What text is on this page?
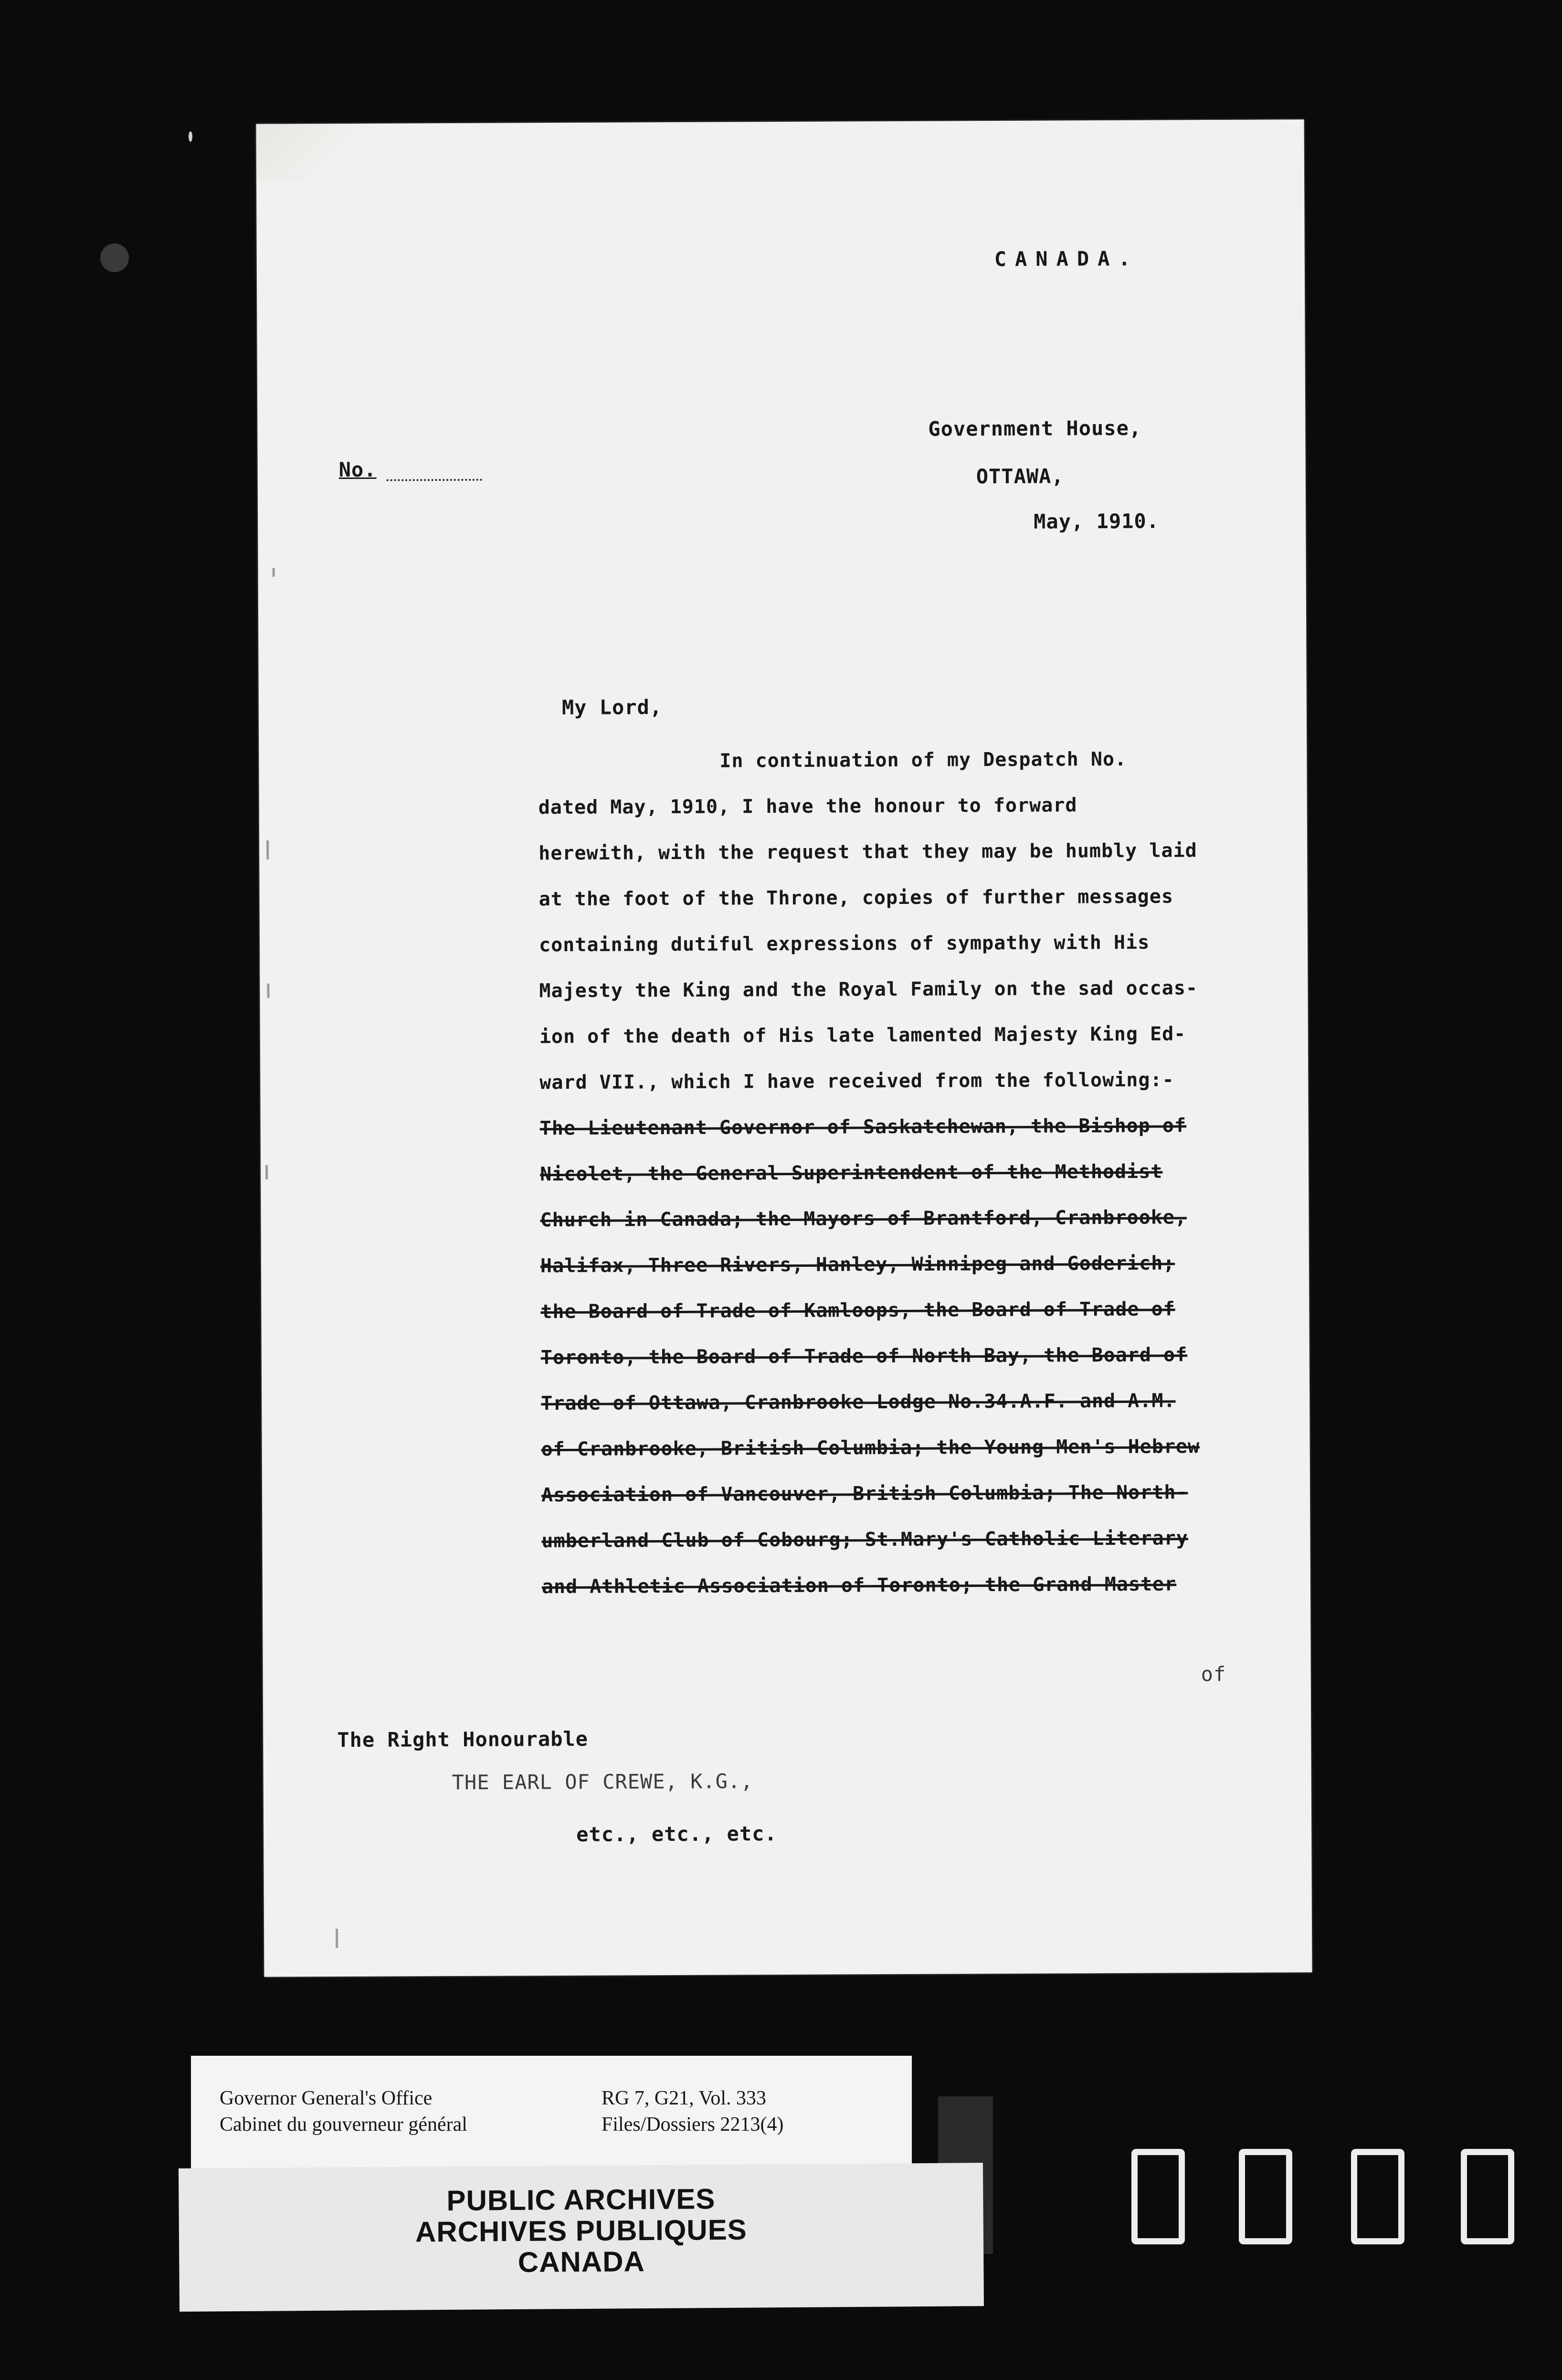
CANADA.
Government House,
OTTAWA,
May, 1910.
No.
My Lord,
In continuation of my Despatch No.
dated May, 1910, I have the honour to forward
herewith, with the request that they may be humbly laid
at the foot of the Throne, copies of further messages
containing dutiful expressions of sympathy with His
Majesty the King and the Royal Family on the sad occas-
ion of the death of His late lamented Majesty King Ed-
ward VII., which I have received from the following:-
The Lieutenant Governor of Saskatchewan, the Bishop of
Nicolet, the General Superintendent of the Methodist
Church in Canada; the Mayors of Brantford, Cranbrooke,
Halifax, Three Rivers, Hanley, Winnipeg and Goderich;
the Board of Trade of Kamloops, the Board of Trade of
Toronto, the Board of Trade of North Bay, the Board of
Trade of Ottawa, Cranbrooke Lodge No.34.A.F. and A.M.
of Cranbrooke, British Columbia; the Young Men's Hebrew
Association of Vancouver, British Columbia; The North-
umberland Club of Cobourg; St.Mary's Catholic Literary
and Athletic Association of Toronto; the Grand Master
of
The Right Honourable
THE EARL OF CREWE, K.G.,
etc., etc., etc.
Governor General's Office
Cabinet du gouverneur général
RG 7, G21, Vol. 333
Files/Dossiers 2213(4)
PUBLIC ARCHIVES
ARCHIVES PUBLIQUES
CANADA
